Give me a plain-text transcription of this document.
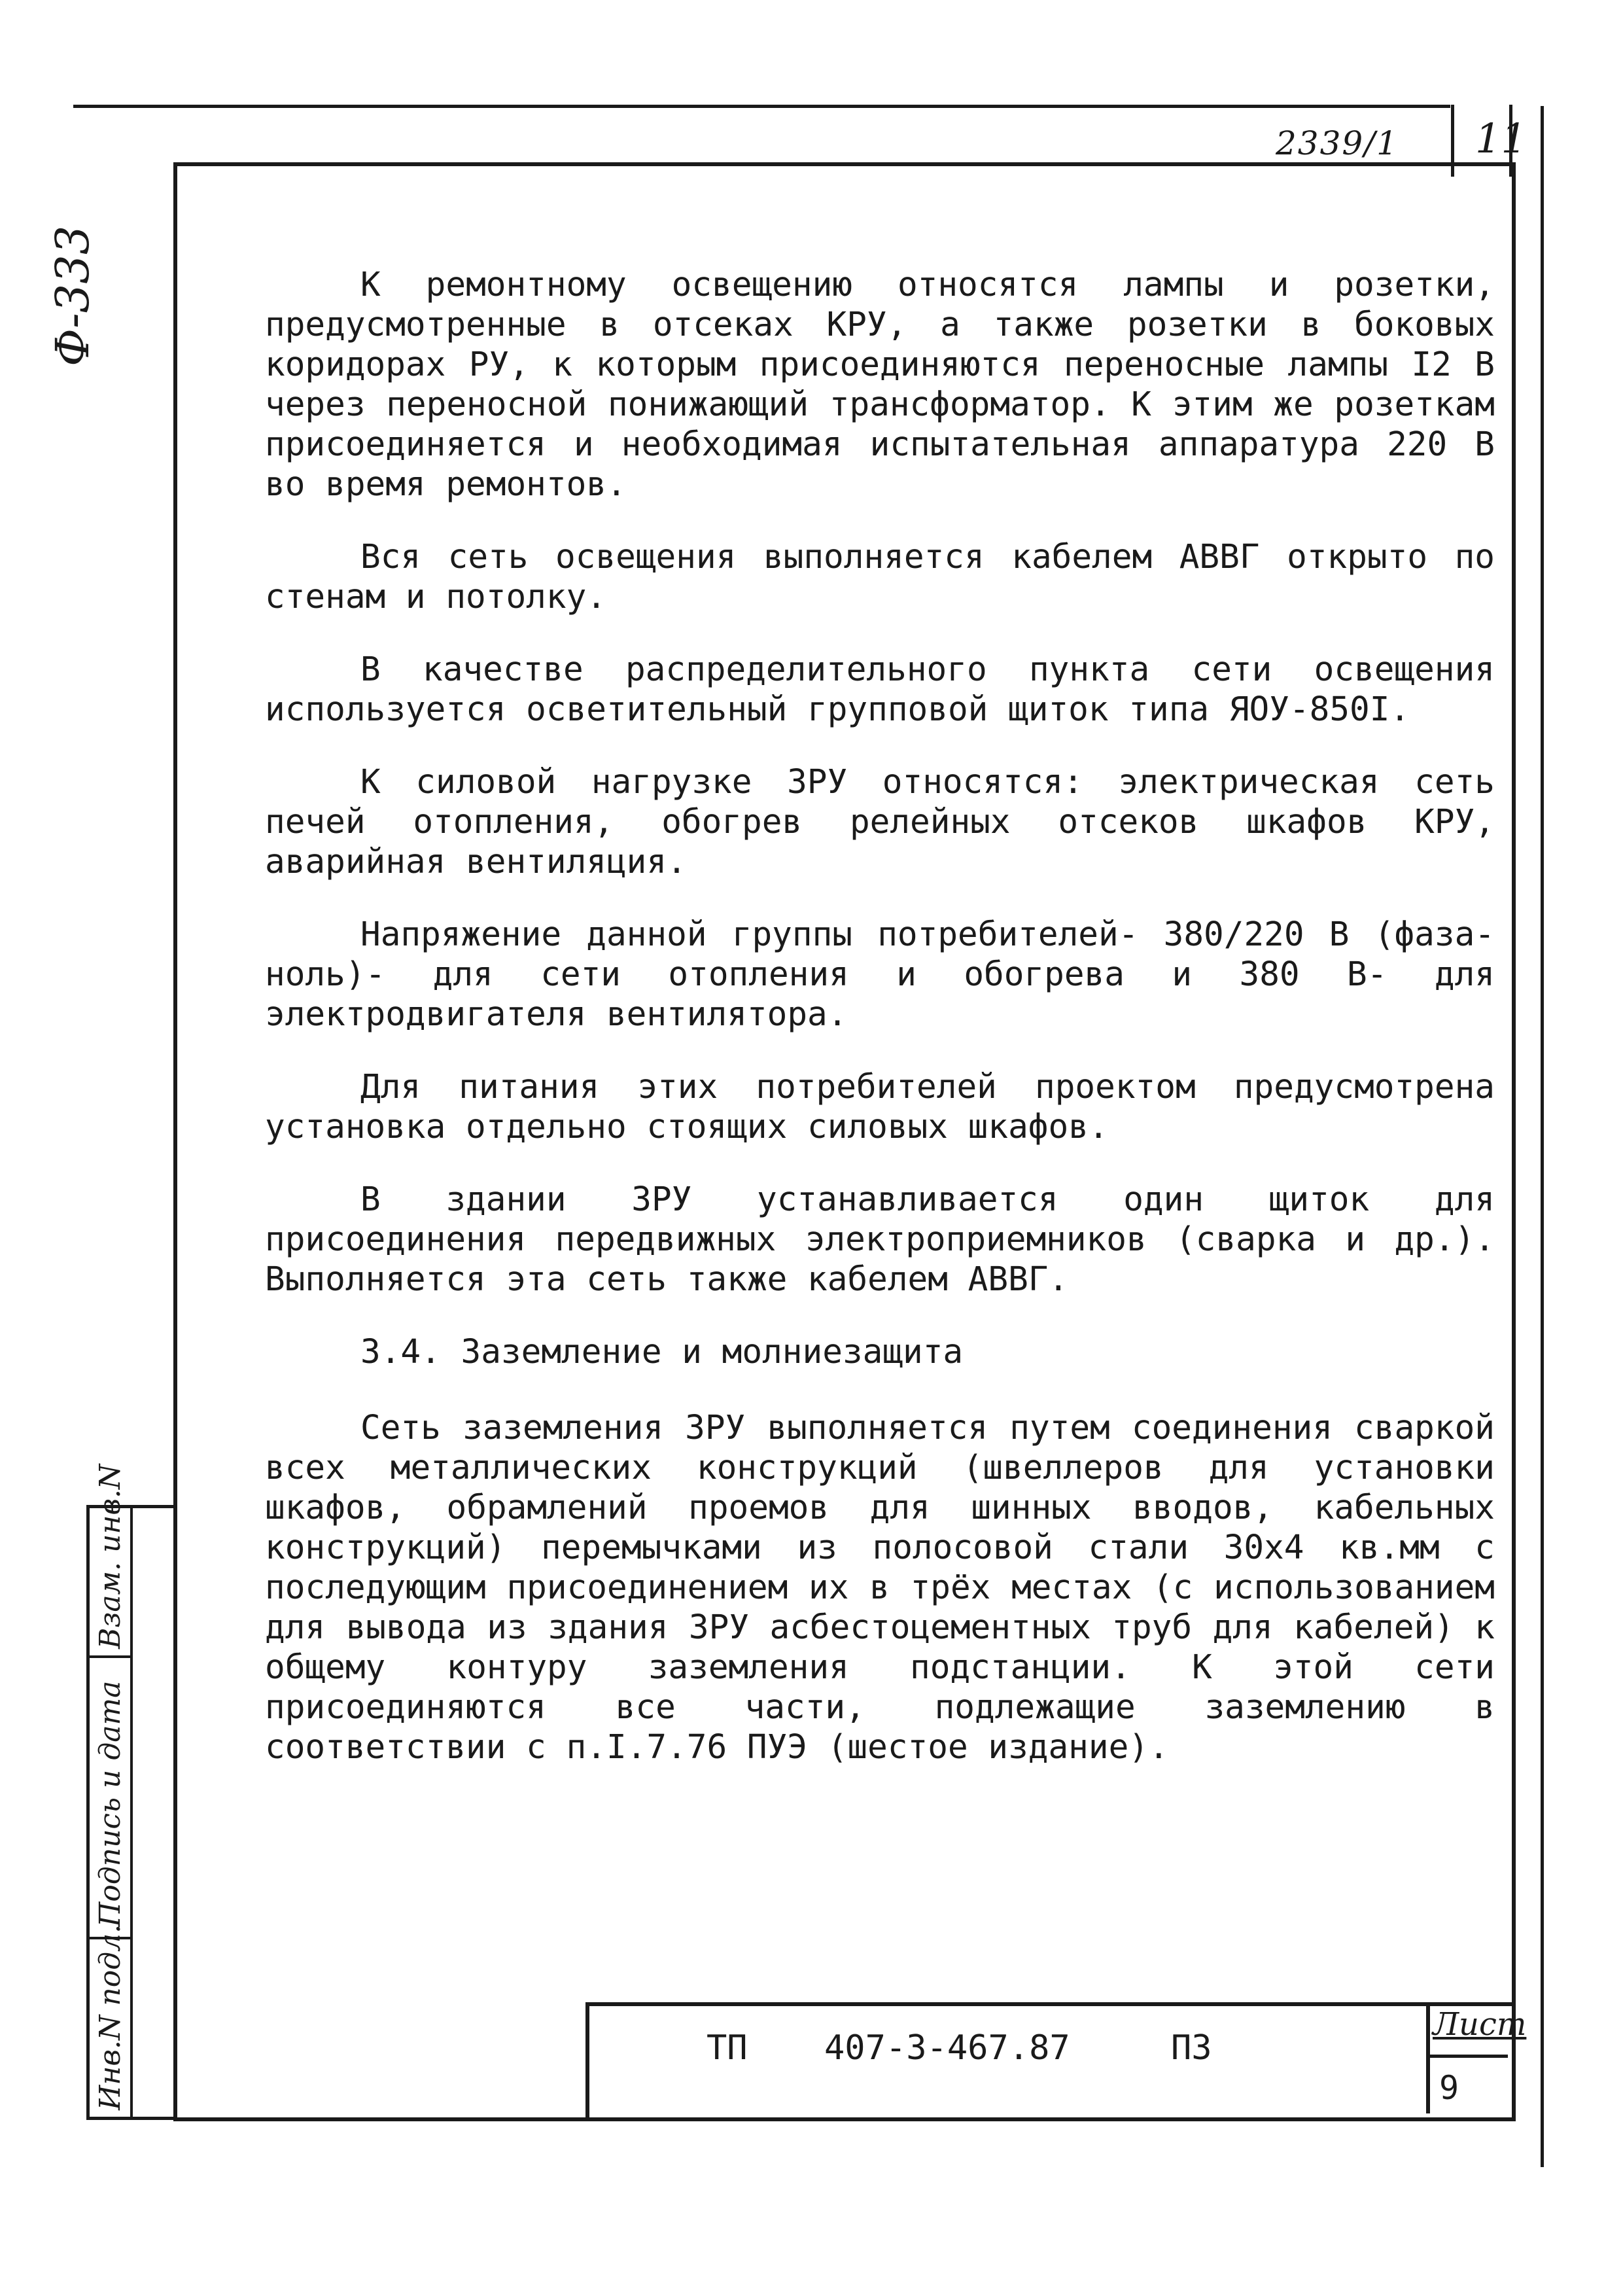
2339/1 11
Ф-333	К ремонтному освещению относятся лампы и розетки, предусмотренные в отсеках КРУ, а также розетки в боковых коридорах РУ, к которым присоединяются переносные лампы I2 В через переносной понижающий трансформатор. К этим же розеткам присоединяется и необходимая испытательная аппаратура 220 В во время ремонтов.

Вся сеть освещения выполняется кабелем АВВГ открыто по стенам и потолку.

В качестве распределительного пункта сети освещения используется осветительный групповой щиток типа ЯОУ-850I.

К силовой нагрузке ЗРУ относятся: электрическая сеть печей отопления, обогрев релейных отсеков шкафов КРУ, аварийная вентиляция.

Напряжение данной группы потребителей- 380/220 В (фаза-ноль)- для сети отопления и обогрева и 380 В- для электродвигателя вентилятора.

Для питания этих потребителей проектом предусмотрена установка отдельно стоящих силовых шкафов.

В здании ЗРУ устанавливается один щиток для присоединения передвижных электроприемников (сварка и др.). Выполняется эта сеть также кабелем АВВГ.

3.4. Заземление и молниезащита

Сеть заземления ЗРУ выполняется путем соединения сваркой всех металлических конструкций (швеллеров для установки шкафов, обрамлений проемов для шинных вводов, кабельных конструкций) перемычками из полосовой стали 30х4 кв.мм с последующим присоединением их в трёх местах (с использованием для вывода из здания ЗРУ асбестоцементных труб для кабелей) к общему контуру заземления подстанции. К этой сети присоединяются все части, подлежащие заземлению в соответствии с п.I.7.76 ПУЭ (шестое издание).

Взам. инв.N
Подпись и дата
Инв.N подл.	ТП 407-3-467.87	ПЗ
Лист
9
